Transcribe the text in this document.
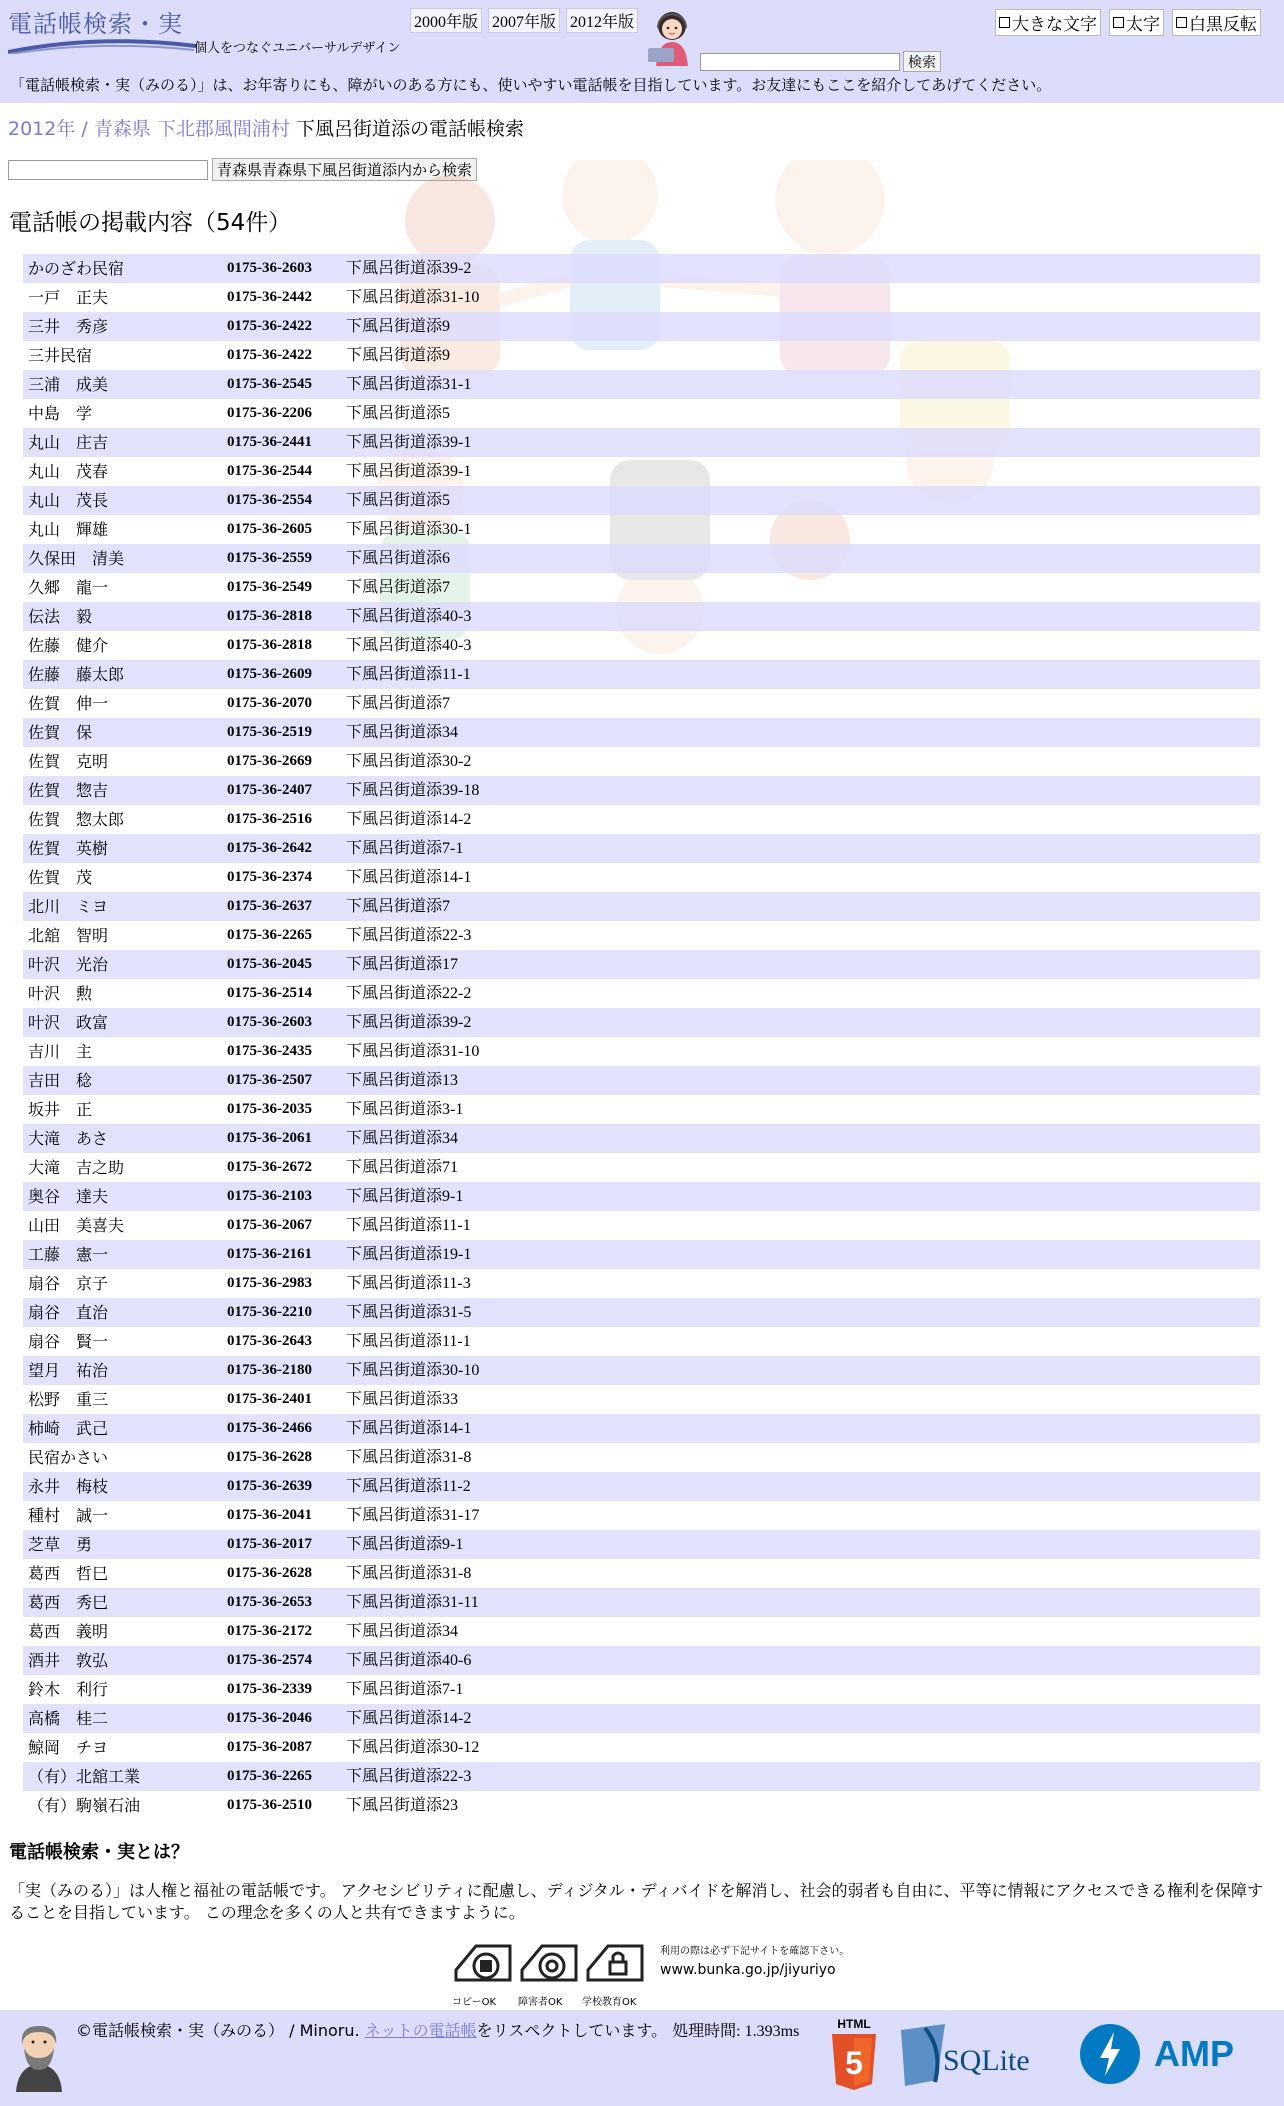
電話帳検索・実
個人をつなぐユニバーサルデザイン
2000年版 2007年版 2012年版
検索
大きな文字 太字 白黒反転
「電話帳検索・実（みのる）」は、お年寄りにも、障がいのある方にも、使いやすい電話帳を目指しています。お友達にもここを紹介してあげてください。
2012年 / 青森県 下北郡風間浦村 下風呂街道添の電話帳検索
青森県青森県下風呂街道添内から検索
電話帳の掲載内容（54件）
かのざわ民宿	0175-36-2603 下風呂街道添39-2
一戸　正夫	0175-36-2442 下風呂街道添31-10
三井　秀彦	0175-36-2422 下風呂街道添9
三井民宿	0175-36-2422 下風呂街道添9
三浦　成美	0175-36-2545 下風呂街道添31-1
中島　学	0175-36-2206 下風呂街道添5
丸山　庄吉	0175-36-2441 下風呂街道添39-1
丸山　茂春	0175-36-2544 下風呂街道添39-1
丸山　茂長	0175-36-2554 下風呂街道添5
丸山　輝雄	0175-36-2605 下風呂街道添30-1
久保田　清美	0175-36-2559 下風呂街道添6
久郷　龍一	0175-36-2549 下風呂街道添7
伝法　毅	0175-36-2818 下風呂街道添40-3
佐藤　健介	0175-36-2818 下風呂街道添40-3
佐藤　藤太郎	0175-36-2609 下風呂街道添11-1
佐賀　伸一	0175-36-2070 下風呂街道添7
佐賀　保	0175-36-2519 下風呂街道添34
佐賀　克明	0175-36-2669 下風呂街道添30-2
佐賀　惣吉	0175-36-2407 下風呂街道添39-18
佐賀　惣太郎	0175-36-2516 下風呂街道添14-2
佐賀　英樹	0175-36-2642 下風呂街道添7-1
佐賀　茂	0175-36-2374 下風呂街道添14-1
北川　ミヨ	0175-36-2637 下風呂街道添7
北舘　智明	0175-36-2265 下風呂街道添22-3
叶沢　光治	0175-36-2045 下風呂街道添17
叶沢　勲	0175-36-2514 下風呂街道添22-2
叶沢　政富	0175-36-2603 下風呂街道添39-2
吉川　主	0175-36-2435 下風呂街道添31-10
吉田　稔	0175-36-2507 下風呂街道添13
坂井　正	0175-36-2035 下風呂街道添3-1
大滝　あさ	0175-36-2061 下風呂街道添34
大滝　吉之助	0175-36-2672 下風呂街道添71
奥谷　達夫	0175-36-2103 下風呂街道添9-1
山田　美喜夫	0175-36-2067 下風呂街道添11-1
工藤　憲一	0175-36-2161 下風呂街道添19-1
扇谷　京子	0175-36-2983 下風呂街道添11-3
扇谷　直治	0175-36-2210 下風呂街道添31-5
扇谷　賢一	0175-36-2643 下風呂街道添11-1
望月　祐治	0175-36-2180 下風呂街道添30-10
松野　重三	0175-36-2401 下風呂街道添33
柿崎　武己	0175-36-2466 下風呂街道添14-1
民宿かさい	0175-36-2628 下風呂街道添31-8
永井　梅枝	0175-36-2639 下風呂街道添11-2
種村　誠一	0175-36-2041 下風呂街道添31-17
芝草　勇	0175-36-2017 下風呂街道添9-1
葛西　哲巳	0175-36-2628 下風呂街道添31-8
葛西　秀巳	0175-36-2653 下風呂街道添31-11
葛西　義明	0175-36-2172 下風呂街道添34
酒井　敦弘	0175-36-2574 下風呂街道添40-6
鈴木　利行	0175-36-2339 下風呂街道添7-1
高橋　桂二	0175-36-2046 下風呂街道添14-2
鯨岡　チヨ	0175-36-2087 下風呂街道添30-12
（有）北舘工業	0175-36-2265 下風呂街道添22-3
（有）駒嶺石油	0175-36-2510 下風呂街道添23
電話帳検索・実とは？

「実（みのる）」は人権と福祉の電話帳です。 アクセシビリティに配慮し、ディジタル・ディバイドを解消し、社会的弱者も自由に、平等に情報にアクセスできる権利を保障することを目指しています。 この理念を多くの人と共有できますように。

コピーOK 障害者OK 学校教育OK
利用の際は必ず下記サイトを確認下さい。
www.bunka.go.jp/jiyuriyo
©電話帳検索・実（みのる） / Minoru. ネットの電話帳をリスペクトしています。 処理時間: 1.393ms	HTML
5	SQLite	AMP
